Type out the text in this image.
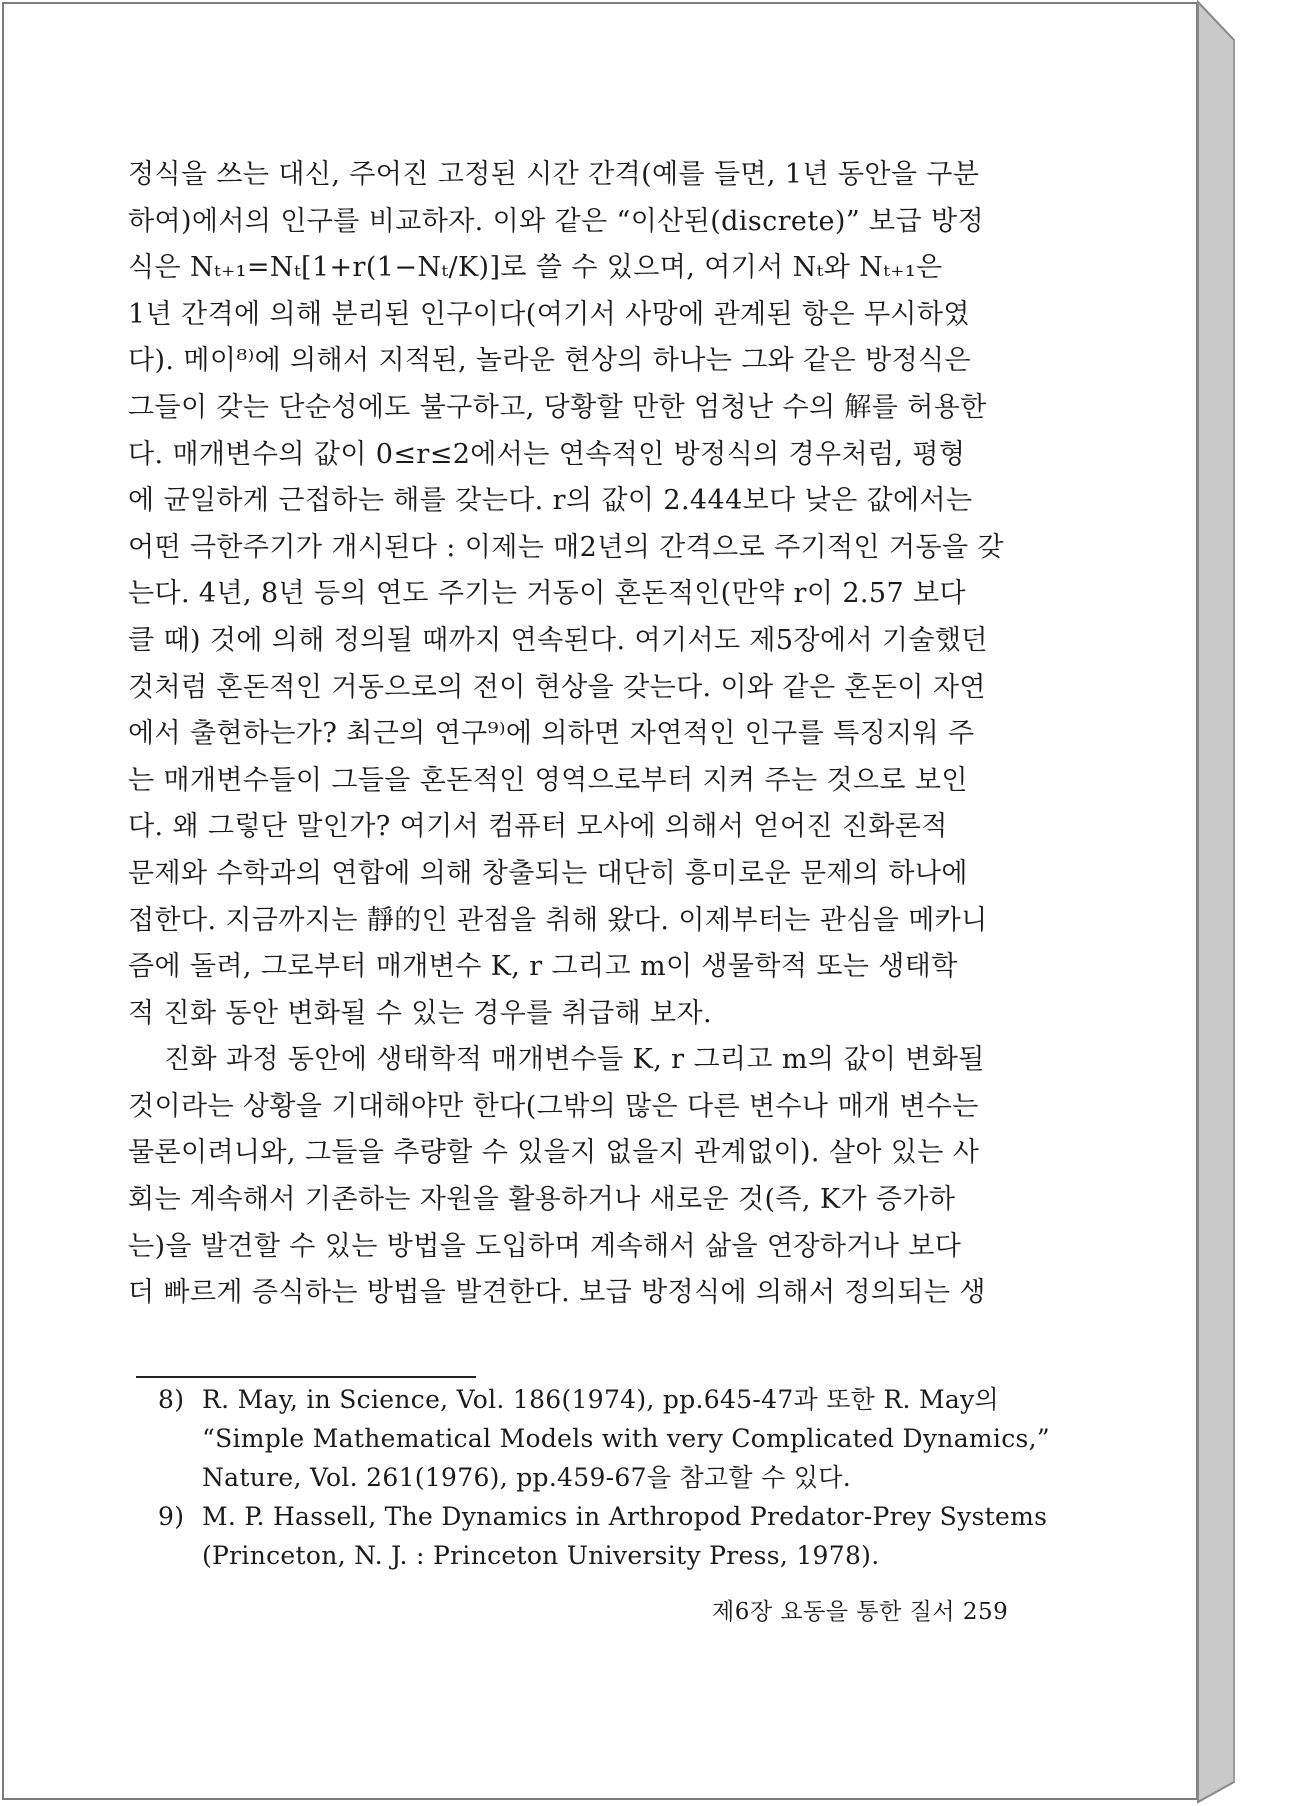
정식을 쓰는 대신, 주어진 고정된 시간 간격(예를 들면, 1년 동안을 구분
하여)에서의 인구를 비교하자. 이와 같은 “이산된(discrete)” 보급 방정
식은 Nₜ₊₁=Nₜ[1+r(1−Nₜ/K)]로 쓸 수 있으며, 여기서 Nₜ와 Nₜ₊₁은
1년 간격에 의해 분리된 인구이다(여기서 사망에 관계된 항은 무시하였
다). 메이⁸⁾에 의해서 지적된, 놀라운 현상의 하나는 그와 같은 방정식은
그들이 갖는 단순성에도 불구하고, 당황할 만한 엄청난 수의 解를 허용한
다. 매개변수의 값이 0≤r≤2에서는 연속적인 방정식의 경우처럼, 평형
에 균일하게 근접하는 해를 갖는다. r의 값이 2.444보다 낮은 값에서는
어떤 극한주기가 개시된다 : 이제는 매2년의 간격으로 주기적인 거동을 갖
는다. 4년, 8년 등의 연도 주기는 거동이 혼돈적인(만약 r이 2.57 보다
클 때) 것에 의해 정의될 때까지 연속된다. 여기서도 제5장에서 기술했던
것처럼 혼돈적인 거동으로의 전이 현상을 갖는다. 이와 같은 혼돈이 자연
에서 출현하는가? 최근의 연구⁹⁾에 의하면 자연적인 인구를 특징지워 주
는 매개변수들이 그들을 혼돈적인 영역으로부터 지켜 주는 것으로 보인
다. 왜 그렇단 말인가? 여기서 컴퓨터 모사에 의해서 얻어진 진화론적
문제와 수학과의 연합에 의해 창출되는 대단히 흥미로운 문제의 하나에
접한다. 지금까지는 靜的인 관점을 취해 왔다. 이제부터는 관심을 메카니
즘에 돌려, 그로부터 매개변수 K, r 그리고 m이 생물학적 또는 생태학
적 진화 동안 변화될 수 있는 경우를 취급해 보자.
진화 과정 동안에 생태학적 매개변수들 K, r 그리고 m의 값이 변화될
것이라는 상황을 기대해야만 한다(그밖의 많은 다른 변수나 매개 변수는
물론이려니와, 그들을 추량할 수 있을지 없을지 관계없이). 살아 있는 사
회는 계속해서 기존하는 자원을 활용하거나 새로운 것(즉, K가 증가하
는)을 발견할 수 있는 방법을 도입하며 계속해서 삶을 연장하거나 보다
더 빠르게 증식하는 방법을 발견한다. 보급 방정식에 의해서 정의되는 생
8) R. May, in Science, Vol. 186(1974), pp.645-47과 또한 R. May의
“Simple Mathematical Models with very Complicated Dynamics,”
Nature, Vol. 261(1976), pp.459-67을 참고할 수 있다.
9) M. P. Hassell, The Dynamics in Arthropod Predator-Prey Systems
(Princeton, N. J. : Princeton University Press, 1978).
제6장 요동을 통한 질서 259
